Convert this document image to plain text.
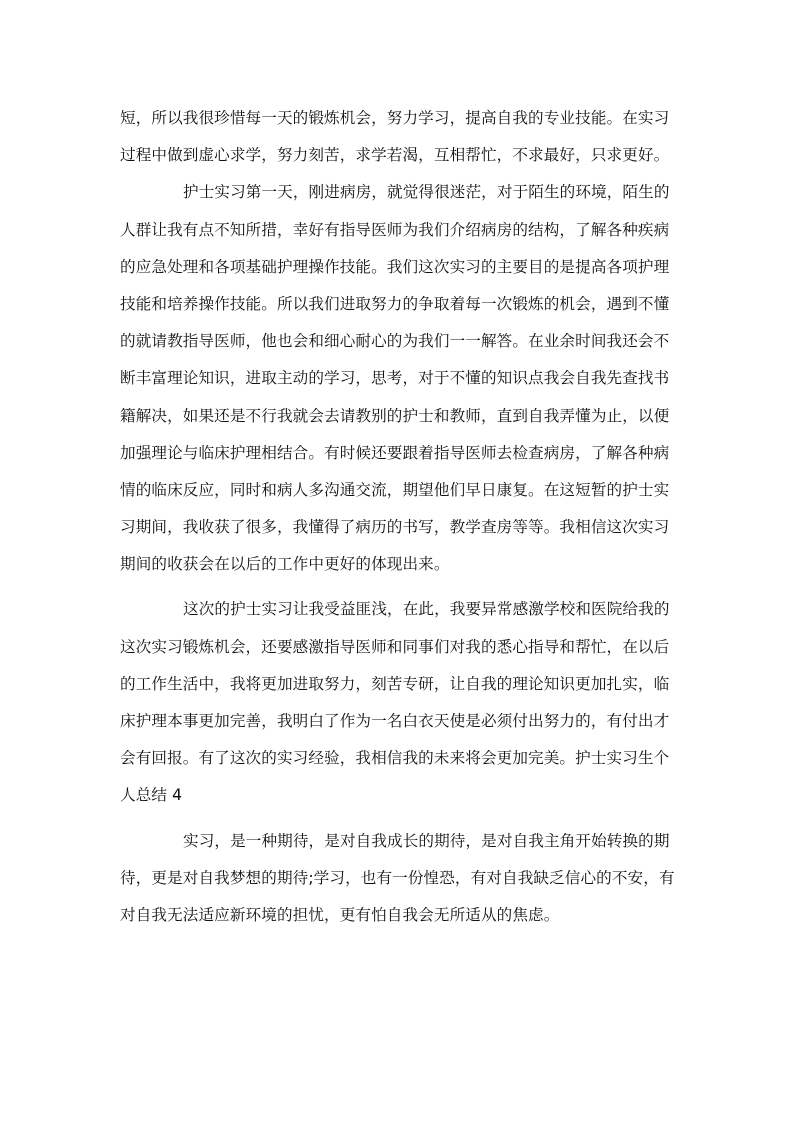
短，所以我很珍惜每一天的锻炼机会，努力学习，提高自我的专业技能。在实习
过程中做到虚心求学，努力刻苦，求学若渴，互相帮忙，不求最好，只求更好。
护士实习第一天，刚进病房，就觉得很迷茫，对于陌生的环境，陌生的
人群让我有点不知所措，幸好有指导医师为我们介绍病房的结构，了解各种疾病
的应急处理和各项基础护理操作技能。我们这次实习的主要目的是提高各项护理
技能和培养操作技能。所以我们进取努力的争取着每一次锻炼的机会，遇到不懂
的就请教指导医师，他也会和细心耐心的为我们一一解答。在业余时间我还会不
断丰富理论知识，进取主动的学习，思考，对于不懂的知识点我会自我先查找书
籍解决，如果还是不行我就会去请教别的护士和教师，直到自我弄懂为止，以便
加强理论与临床护理相结合。有时候还要跟着指导医师去检查病房，了解各种病
情的临床反应，同时和病人多沟通交流，期望他们早日康复。在这短暂的护士实
习期间，我收获了很多，我懂得了病历的书写，教学查房等等。我相信这次实习
期间的收获会在以后的工作中更好的体现出来。
这次的护士实习让我受益匪浅，在此，我要异常感激学校和医院给我的
这次实习锻炼机会，还要感激指导医师和同事们对我的悉心指导和帮忙，在以后
的工作生活中，我将更加进取努力，刻苦专研，让自我的理论知识更加扎实，临
床护理本事更加完善，我明白了作为一名白衣天使是必须付出努力的，有付出才
会有回报。有了这次的实习经验，我相信我的未来将会更加完美。护士实习生个
人总结 4
实习，是一种期待，是对自我成长的期待，是对自我主角开始转换的期
待，更是对自我梦想的期待;学习，也有一份惶恐，有对自我缺乏信心的不安，有
对自我无法适应新环境的担忧，更有怕自我会无所适从的焦虑。
